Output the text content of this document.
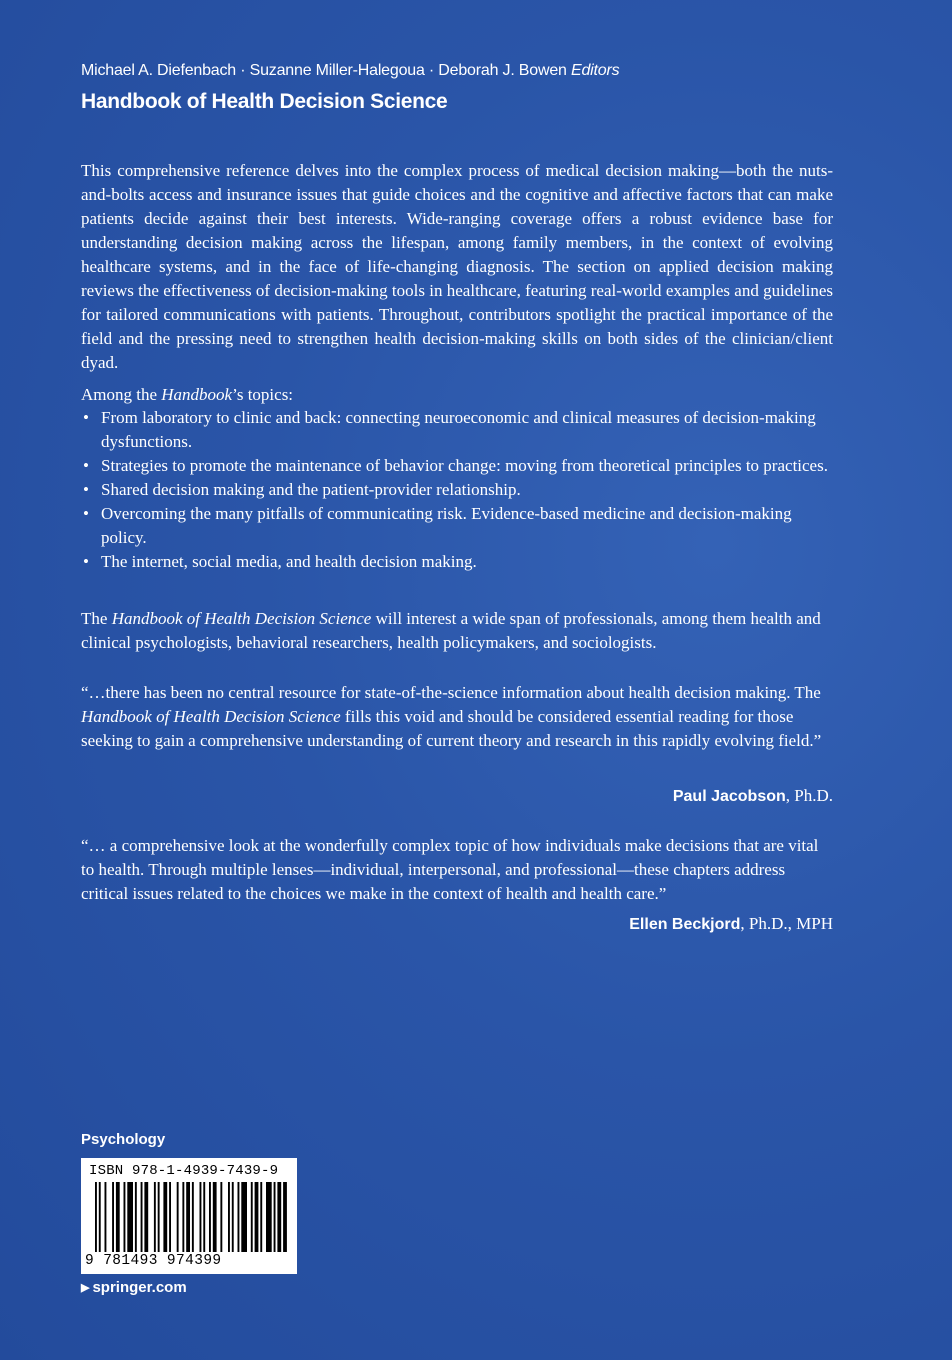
Michael A. Diefenbach · Suzanne Miller-Halegoua · Deborah J. Bowen Editors
Handbook of Health Decision Science

This comprehensive reference delves into the complex process of medical decision making—both the nuts-and-bolts access and insurance issues that guide choices and the cognitive and affective factors that can make patients decide against their best interests. Wide-ranging coverage offers a robust evidence base for understanding decision making across the lifespan, among family members, in the context of evolving healthcare systems, and in the face of life-changing diagnosis. The section on applied decision making reviews the effectiveness of decision-making tools in healthcare, featuring real-world examples and guidelines for tailored communications with patients. Throughout, contributors spotlight the practical importance of the field and the pressing need to strengthen health decision-making skills on both sides of the clinician/client dyad.

Among the Handbook’s topics:

• From laboratory to clinic and back: connecting neuroeconomic and clinical measures of decision-making dysfunctions.
• Strategies to promote the maintenance of behavior change: moving from theoretical principles to practices.
• Shared decision making and the patient-provider relationship.
• Overcoming the many pitfalls of communicating risk. Evidence-based medicine and decision-making policy.
• The internet, social media, and health decision making.

The Handbook of Health Decision Science will interest a wide span of professionals, among them health and clinical psychologists, behavioral researchers, health policymakers, and sociologists.

“…there has been no central resource for state-of-the-science information about health decision making. The Handbook of Health Decision Science fills this void and should be considered essential reading for those seeking to gain a comprehensive understanding of current theory and research in this rapidly evolving field.”

Paul Jacobson, Ph.D.

“… a comprehensive look at the wonderfully complex topic of how individuals make decisions that are vital to health. Through multiple lenses—individual, interpersonal, and professional—these chapters address critical issues related to the choices we make in the context of health and health care.”

Ellen Beckjord, Ph.D., MPH
Psychology
ISBN 978-1-4939-7439-9
9 781493 974399
▶ springer.com
